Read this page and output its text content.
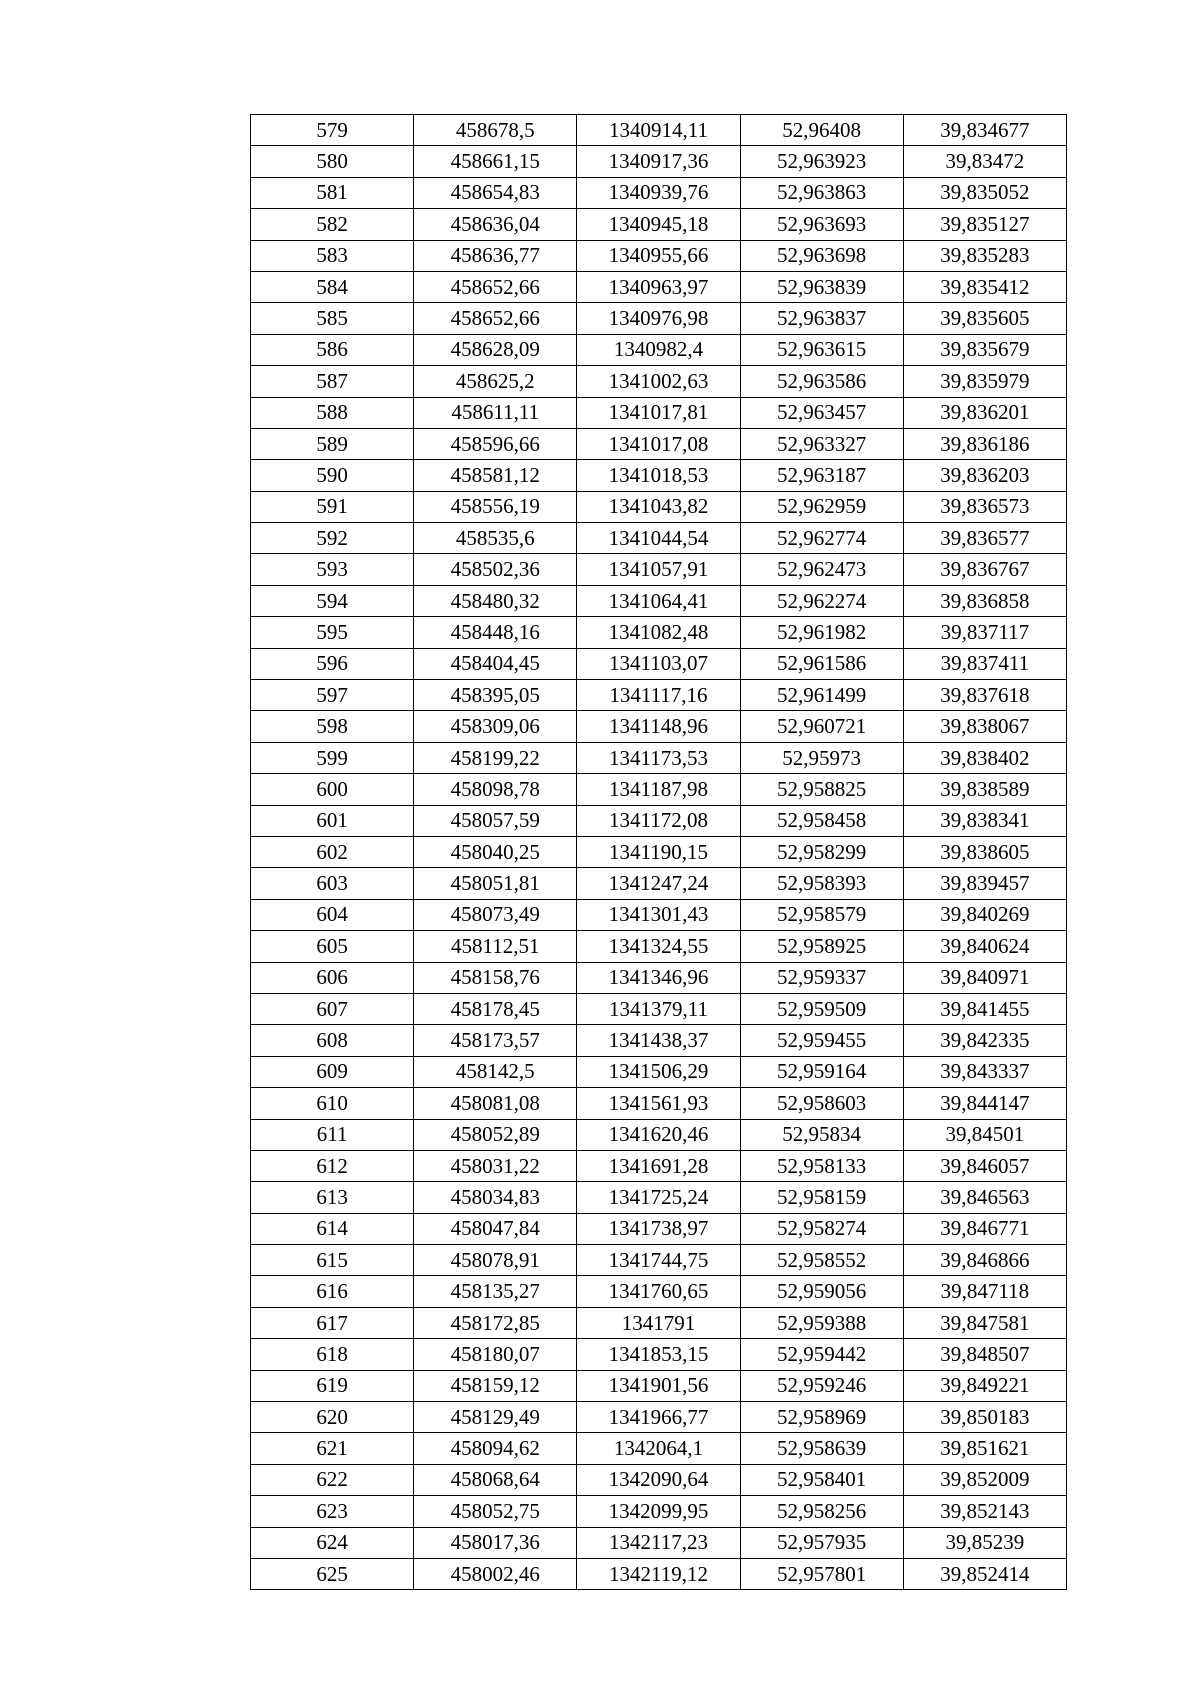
579	458678,5	1340914,11	52,96408	39,834677
580	458661,15	1340917,36	52,963923	39,83472
581	458654,83	1340939,76	52,963863	39,835052
582	458636,04	1340945,18	52,963693	39,835127
583	458636,77	1340955,66	52,963698	39,835283
584	458652,66	1340963,97	52,963839	39,835412
585	458652,66	1340976,98	52,963837	39,835605
586	458628,09	1340982,4	52,963615	39,835679
587	458625,2	1341002,63	52,963586	39,835979
588	458611,11	1341017,81	52,963457	39,836201
589	458596,66	1341017,08	52,963327	39,836186
590	458581,12	1341018,53	52,963187	39,836203
591	458556,19	1341043,82	52,962959	39,836573
592	458535,6	1341044,54	52,962774	39,836577
593	458502,36	1341057,91	52,962473	39,836767
594	458480,32	1341064,41	52,962274	39,836858
595	458448,16	1341082,48	52,961982	39,837117
596	458404,45	1341103,07	52,961586	39,837411
597	458395,05	1341117,16	52,961499	39,837618
598	458309,06	1341148,96	52,960721	39,838067
599	458199,22	1341173,53	52,95973	39,838402
600	458098,78	1341187,98	52,958825	39,838589
601	458057,59	1341172,08	52,958458	39,838341
602	458040,25	1341190,15	52,958299	39,838605
603	458051,81	1341247,24	52,958393	39,839457
604	458073,49	1341301,43	52,958579	39,840269
605	458112,51	1341324,55	52,958925	39,840624
606	458158,76	1341346,96	52,959337	39,840971
607	458178,45	1341379,11	52,959509	39,841455
608	458173,57	1341438,37	52,959455	39,842335
609	458142,5	1341506,29	52,959164	39,843337
610	458081,08	1341561,93	52,958603	39,844147
611	458052,89	1341620,46	52,95834	39,84501
612	458031,22	1341691,28	52,958133	39,846057
613	458034,83	1341725,24	52,958159	39,846563
614	458047,84	1341738,97	52,958274	39,846771
615	458078,91	1341744,75	52,958552	39,846866
616	458135,27	1341760,65	52,959056	39,847118
617	458172,85	1341791	52,959388	39,847581
618	458180,07	1341853,15	52,959442	39,848507
619	458159,12	1341901,56	52,959246	39,849221
620	458129,49	1341966,77	52,958969	39,850183
621	458094,62	1342064,1	52,958639	39,851621
622	458068,64	1342090,64	52,958401	39,852009
623	458052,75	1342099,95	52,958256	39,852143
624	458017,36	1342117,23	52,957935	39,85239
625	458002,46	1342119,12	52,957801	39,852414
